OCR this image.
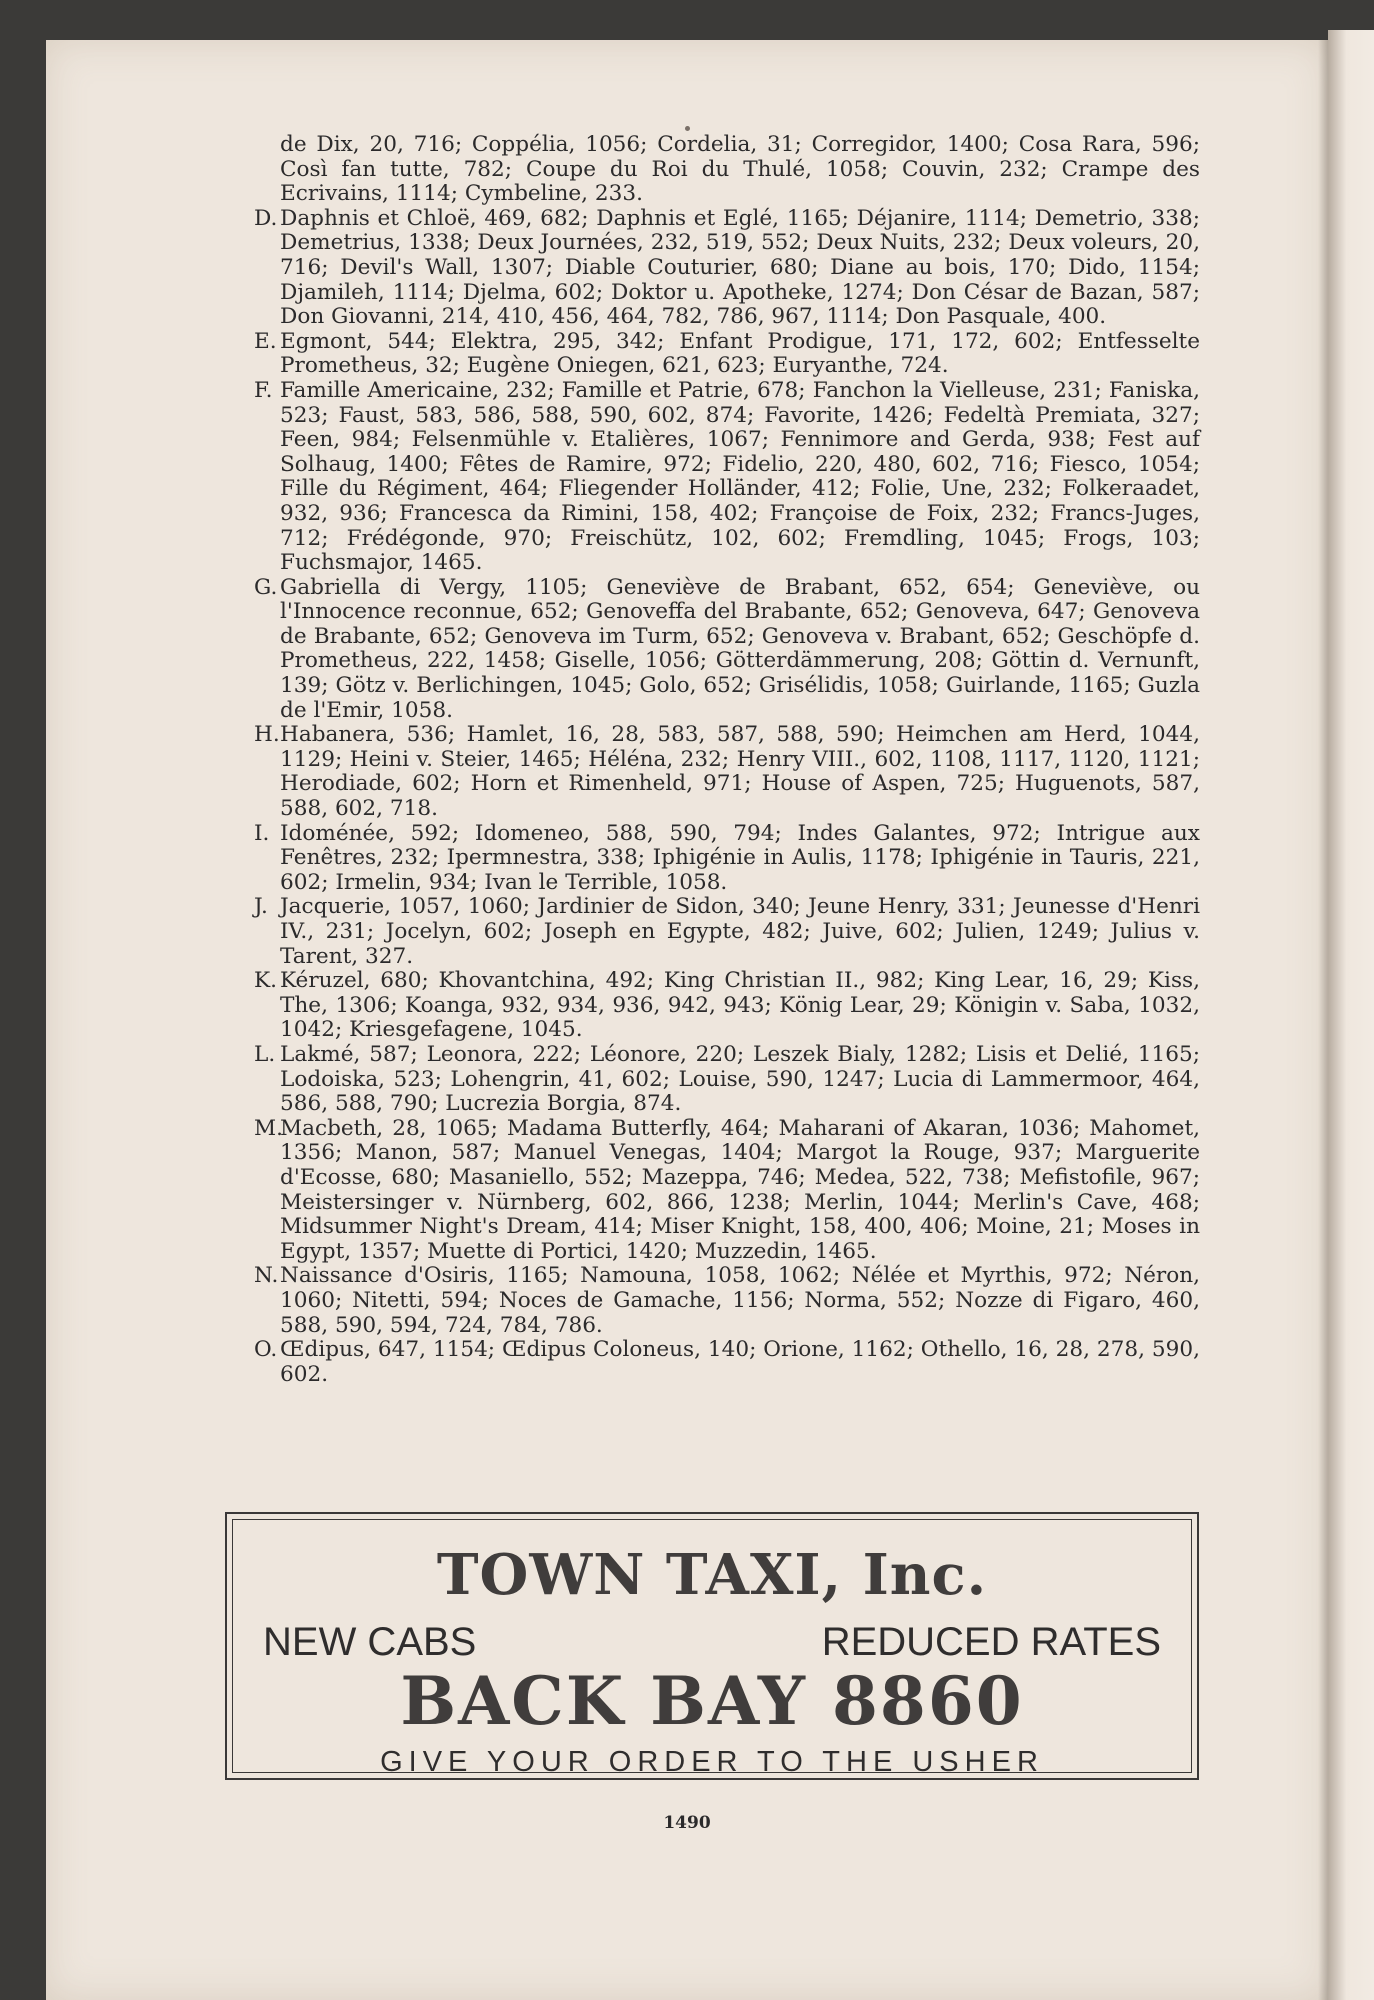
de Dix, 20, 716; Coppélia, 1056; Cordelia, 31; Corregidor, 1400; Cosa Rara, 596; Così fan tutte, 782; Coupe du Roi du Thulé, 1058; Couvin, 232; Crampe des Ecrivains, 1114; Cymbeline, 233.

D. Daphnis et Chloë, 469, 682; Daphnis et Eglé, 1165; Déjanire, 1114; Demetrio, 338; Demetrius, 1338; Deux Journées, 232, 519, 552; Deux Nuits, 232; Deux voleurs, 20, 716; Devil's Wall, 1307; Diable Couturier, 680; Diane au bois, 170; Dido, 1154; Djamileh, 1114; Djelma, 602; Doktor u. Apotheke, 1274; Don César de Bazan, 587; Don Giovanni, 214, 410, 456, 464, 782, 786, 967, 1114; Don Pasquale, 400.

E. Egmont, 544; Elektra, 295, 342; Enfant Prodigue, 171, 172, 602; Entfesselte Prometheus, 32; Eugène Oniegen, 621, 623; Euryanthe, 724.

F. Famille Americaine, 232; Famille et Patrie, 678; Fanchon la Vielleuse, 231; Faniska, 523; Faust, 583, 586, 588, 590, 602, 874; Favorite, 1426; Fedeltà Premiata, 327; Feen, 984; Felsenmühle v. Etalières, 1067; Fennimore and Gerda, 938; Fest auf Solhaug, 1400; Fêtes de Ramire, 972; Fidelio, 220, 480, 602, 716; Fiesco, 1054; Fille du Régiment, 464; Fliegender Holländer, 412; Folie, Une, 232; Folkeraadet, 932, 936; Francesca da Rimini, 158, 402; Françoise de Foix, 232; Francs-Juges, 712; Frédégonde, 970; Freischütz, 102, 602; Fremdling, 1045; Frogs, 103; Fuchsmajor, 1465.

G. Gabriella di Vergy, 1105; Geneviève de Brabant, 652, 654; Geneviève, ou l'Innocence reconnue, 652; Genoveffa del Brabante, 652; Genoveva, 647; Genoveva de Brabante, 652; Genoveva im Turm, 652; Genoveva v. Brabant, 652; Geschöpfe d. Prometheus, 222, 1458; Giselle, 1056; Götterdämmerung, 208; Göttin d. Vernunft, 139; Götz v. Berlichingen, 1045; Golo, 652; Grisélidis, 1058; Guirlande, 1165; Guzla de l'Emir, 1058.

H.Habanera, 536; Hamlet, 16, 28, 583, 587, 588, 590; Heimchen am Herd, 1044, 1129; Heini v. Steier, 1465; Héléna, 232; Henry VIII., 602, 1108, 1117, 1120, 1121; Herodiade, 602; Horn et Rimenheld, 971; House of Aspen, 725; Huguenots, 587, 588, 602, 718.

I. Idoménée, 592; Idomeneo, 588, 590, 794; Indes Galantes, 972; Intrigue aux Fenêtres, 232; Ipermnestra, 338; Iphigénie in Aulis, 1178; Iphigénie in Tauris, 221, 602; Irmelin, 934; Ivan le Terrible, 1058.

J. Jacquerie, 1057, 1060; Jardinier de Sidon, 340; Jeune Henry, 331; Jeunesse d'Henri IV., 231; Jocelyn, 602; Joseph en Egypte, 482; Juive, 602; Julien, 1249; Julius v. Tarent, 327.

K. Kéruzel, 680; Khovantchina, 492; King Christian II., 982; King Lear, 16, 29; Kiss, The, 1306; Koanga, 932, 934, 936, 942, 943; König Lear, 29; Königin v. Saba, 1032, 1042; Kriesgefagene, 1045.

L. Lakmé, 587; Leonora, 222; Léonore, 220; Leszek Bialy, 1282; Lisis et Delié, 1165; Lodoiska, 523; Lohengrin, 41, 602; Louise, 590, 1247; Lucia di Lammermoor, 464, 586, 588, 790; Lucrezia Borgia, 874.

M.Macbeth, 28, 1065; Madama Butterfly, 464; Maharani of Akaran, 1036; Mahomet, 1356; Manon, 587; Manuel Venegas, 1404; Margot la Rouge, 937; Marguerite d'Ecosse, 680; Masaniello, 552; Mazeppa, 746; Medea, 522, 738; Mefistofile, 967; Meistersinger v. Nürnberg, 602, 866, 1238; Merlin, 1044; Merlin's Cave, 468; Midsummer Night's Dream, 414; Miser Knight, 158, 400, 406; Moine, 21; Moses in Egypt, 1357; Muette di Portici, 1420; Muzzedin, 1465.

N.Naissance d'Osiris, 1165; Namouna, 1058, 1062; Nélée et Myrthis, 972; Néron, 1060; Nitetti, 594; Noces de Gamache, 1156; Norma, 552; Nozze di Figaro, 460, 588, 590, 594, 724, 784, 786.

O. Œdipus, 647, 1154; Œdipus Coloneus, 140; Orione, 1162; Othello, 16, 28, 278, 590, 602.

TOWN TAXI, Inc.

NEW CABS	REDUCED RATES
BACK BAY 8860
GIVE YOUR ORDER TO THE USHER
1490
